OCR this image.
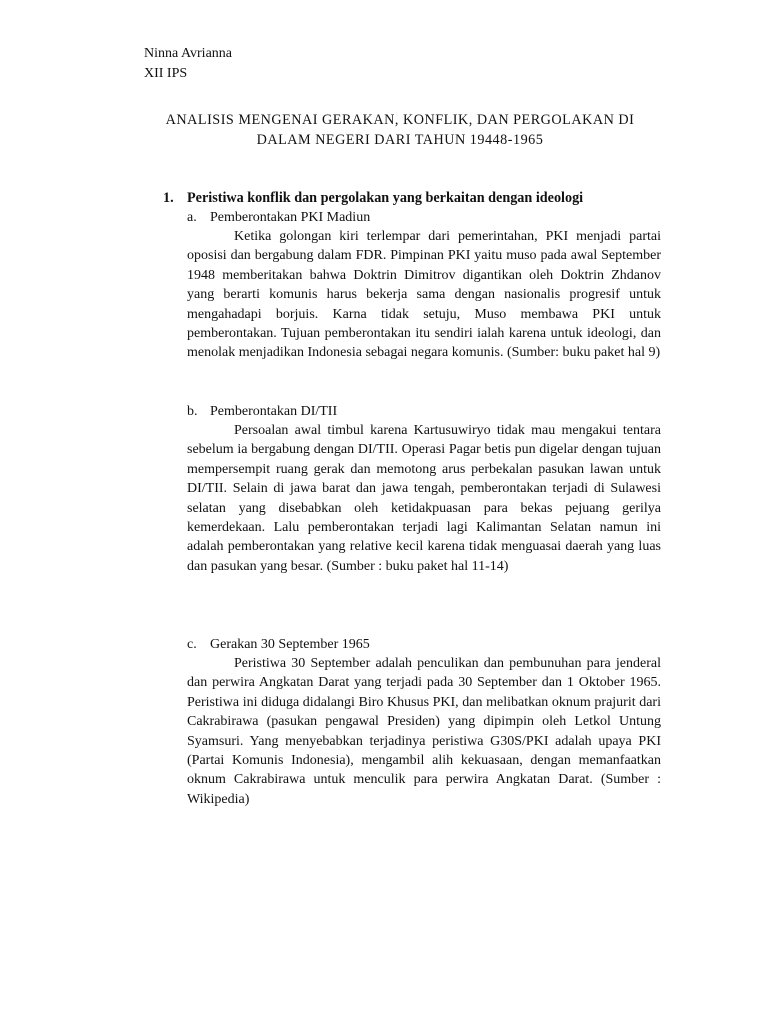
Ninna Avrianna
XII IPS
ANALISIS MENGENAI GERAKAN, KONFLIK, DAN PERGOLAKAN DI
DALAM NEGERI DARI TAHUN 19448-1965
1. Peristiwa konflik dan pergolakan yang berkaitan dengan ideologi
a. Pemberontakan PKI Madiun

Ketika golongan kiri terlempar dari pemerintahan, PKI menjadi partai oposisi dan bergabung dalam FDR. Pimpinan PKI yaitu muso pada awal September 1948 memberitakan bahwa Doktrin Dimitrov digantikan oleh Doktrin Zhdanov yang berarti komunis harus bekerja sama dengan nasionalis progresif untuk mengahadapi borjuis. Karna tidak setuju, Muso membawa PKI untuk pemberontakan. Tujuan pemberontakan itu sendiri ialah karena untuk ideologi, dan menolak menjadikan Indonesia sebagai negara komunis. (Sumber: buku paket hal 9)

b. Pemberontakan DI/TII

Persoalan awal timbul karena Kartusuwiryo tidak mau mengakui tentara sebelum ia bergabung dengan DI/TII. Operasi Pagar betis pun digelar dengan tujuan mempersempit ruang gerak dan memotong arus perbekalan pasukan lawan untuk DI/TII. Selain di jawa barat dan jawa tengah, pemberontakan terjadi di Sulawesi selatan yang disebabkan oleh ketidakpuasan para bekas pejuang gerilya kemerdekaan. Lalu pemberontakan terjadi lagi Kalimantan Selatan namun ini adalah pemberontakan yang relative kecil karena tidak menguasai daerah yang luas dan pasukan yang besar. (Sumber : buku paket hal 11-14)

c. Gerakan 30 September 1965

Peristiwa 30 September adalah penculikan dan pembunuhan para jenderal dan perwira Angkatan Darat yang terjadi pada 30 September dan 1 Oktober 1965. Peristiwa ini diduga didalangi Biro Khusus PKI, dan melibatkan oknum prajurit dari Cakrabirawa (pasukan pengawal Presiden) yang dipimpin oleh Letkol Untung Syamsuri. Yang menyebabkan terjadinya peristiwa G30S/PKI adalah upaya PKI (Partai Komunis Indonesia), mengambil alih kekuasaan, dengan memanfaatkan oknum Cakrabirawa untuk menculik para perwira Angkatan Darat. (Sumber : Wikipedia)
